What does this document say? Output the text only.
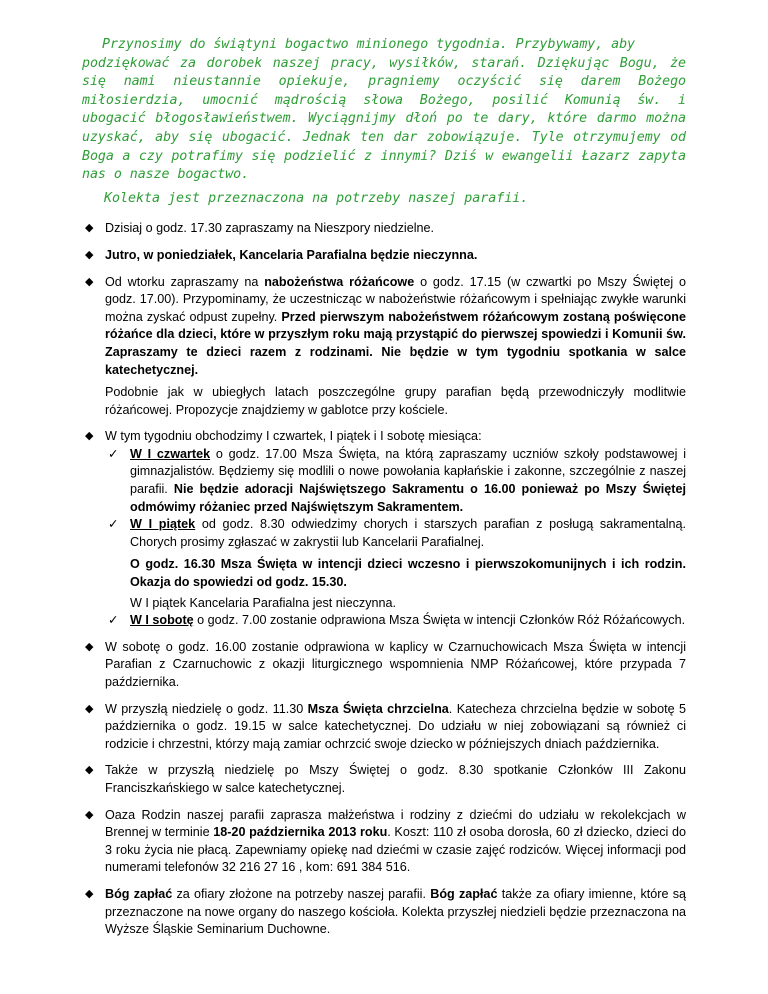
Przynosimy do świątyni bogactwo minionego tygodnia. Przybywamy, aby
podziękować za dorobek naszej pracy, wysiłków, starań. Dziękując Bogu, że się nami nieustannie opiekuje, pragniemy oczyścić się darem Bożego miłosierdzia, umocnić mądrością słowa Bożego, posilić Komunią św. i ubogacić błogosławieństwem. Wyciągnijmy dłoń po te dary, które darmo można uzyskać, aby się ubogacić. Jednak ten dar zobowiązuje. Tyle otrzymujemy od Boga a czy potrafimy się podzielić z innymi? Dziś w ewangelii Łazarz zapyta nas o nasze bogactwo.

Kolekta jest przeznaczona na potrzeby naszej parafii.
◆ Dzisiaj o godz. 17.30 zapraszamy na Nieszpory niedzielne.
◆ Jutro, w poniedziałek, Kancelaria Parafialna będzie nieczynna.
◆ Od wtorku zapraszamy na nabożeństwa różańcowe o godz. 17.15 (w czwartki po Mszy Świętej o godz. 17.00). Przypominamy, że uczestnicząc w nabożeństwie różańcowym i spełniając zwykłe warunki można zyskać odpust zupełny. Przed pierwszym nabożeństwem różańcowym zostaną poświęcone różańce dla dzieci, które w przyszłym roku mają przystąpić do pierwszej spowiedzi i Komunii św. Zapraszamy te dzieci razem z rodzinami. Nie będzie w tym tygodniu spotkania w salce katechetycznej.

Podobnie jak w ubiegłych latach poszczególne grupy parafian będą przewodniczyły modlitwie różańcowej. Propozycje znajdziemy w gablotce przy kościele.

◆ W tym tygodniu obchodzimy I czwartek, I piątek i I sobotę miesiąca:
✓ W I czwartek o godz. 17.00 Msza Święta, na którą zapraszamy uczniów szkoły podstawowej i gimnazjalistów. Będziemy się modlili o nowe powołania kapłańskie i zakonne, szczególnie z naszej parafii. Nie będzie adoracji Najświętszego Sakramentu o 16.00 ponieważ po Mszy Świętej odmówimy różaniec przed Najświętszym Sakramentem.
✓ W I piątek od godz. 8.30 odwiedzimy chorych i starszych parafian z posługą sakramentalną. Chorych prosimy zgłaszać w zakrystii lub Kancelarii Parafialnej.

O godz. 16.30 Msza Święta w intencji dzieci wczesno i pierwszokomunijnych i ich rodzin. Okazja do spowiedzi od godz. 15.30.

W I piątek Kancelaria Parafialna jest nieczynna.

✓ W I sobotę o godz. 7.00 zostanie odprawiona Msza Święta w intencji Członków Róż Różańcowych.
◆ W sobotę o godz. 16.00 zostanie odprawiona w kaplicy w Czarnuchowicach Msza Święta w intencji Parafian z Czarnuchowic z okazji liturgicznego wspomnienia NMP Różańcowej, które przypada 7 października.
◆ W przyszłą niedzielę o godz. 11.30 Msza Święta chrzcielna. Katecheza chrzcielna będzie w sobotę 5 października o godz. 19.15 w salce katechetycznej. Do udziału w niej zobowiązani są również ci rodzicie i chrzestni, którzy mają zamiar ochrzcić swoje dziecko w późniejszych dniach października.
◆ Także w przyszłą niedzielę po Mszy Świętej o godz. 8.30 spotkanie Członków III Zakonu Franciszkańskiego w salce katechetycznej.
◆ Oaza Rodzin naszej parafii zaprasza małżeństwa i rodziny z dziećmi do udziału w rekolekcjach w Brennej w terminie 18-20 października 2013 roku. Koszt: 110 zł osoba dorosła, 60 zł dziecko, dzieci do 3 roku życia nie płacą. Zapewniamy opiekę nad dziećmi w czasie zajęć rodziców. Więcej informacji pod numerami telefonów 32 216 27 16 , kom: 691 384 516.
◆ Bóg zapłać za ofiary złożone na potrzeby naszej parafii. Bóg zapłać także za ofiary imienne, które są przeznaczone na nowe organy do naszego kościoła. Kolekta przyszłej niedzieli będzie przeznaczona na Wyższe Śląskie Seminarium Duchowne.
